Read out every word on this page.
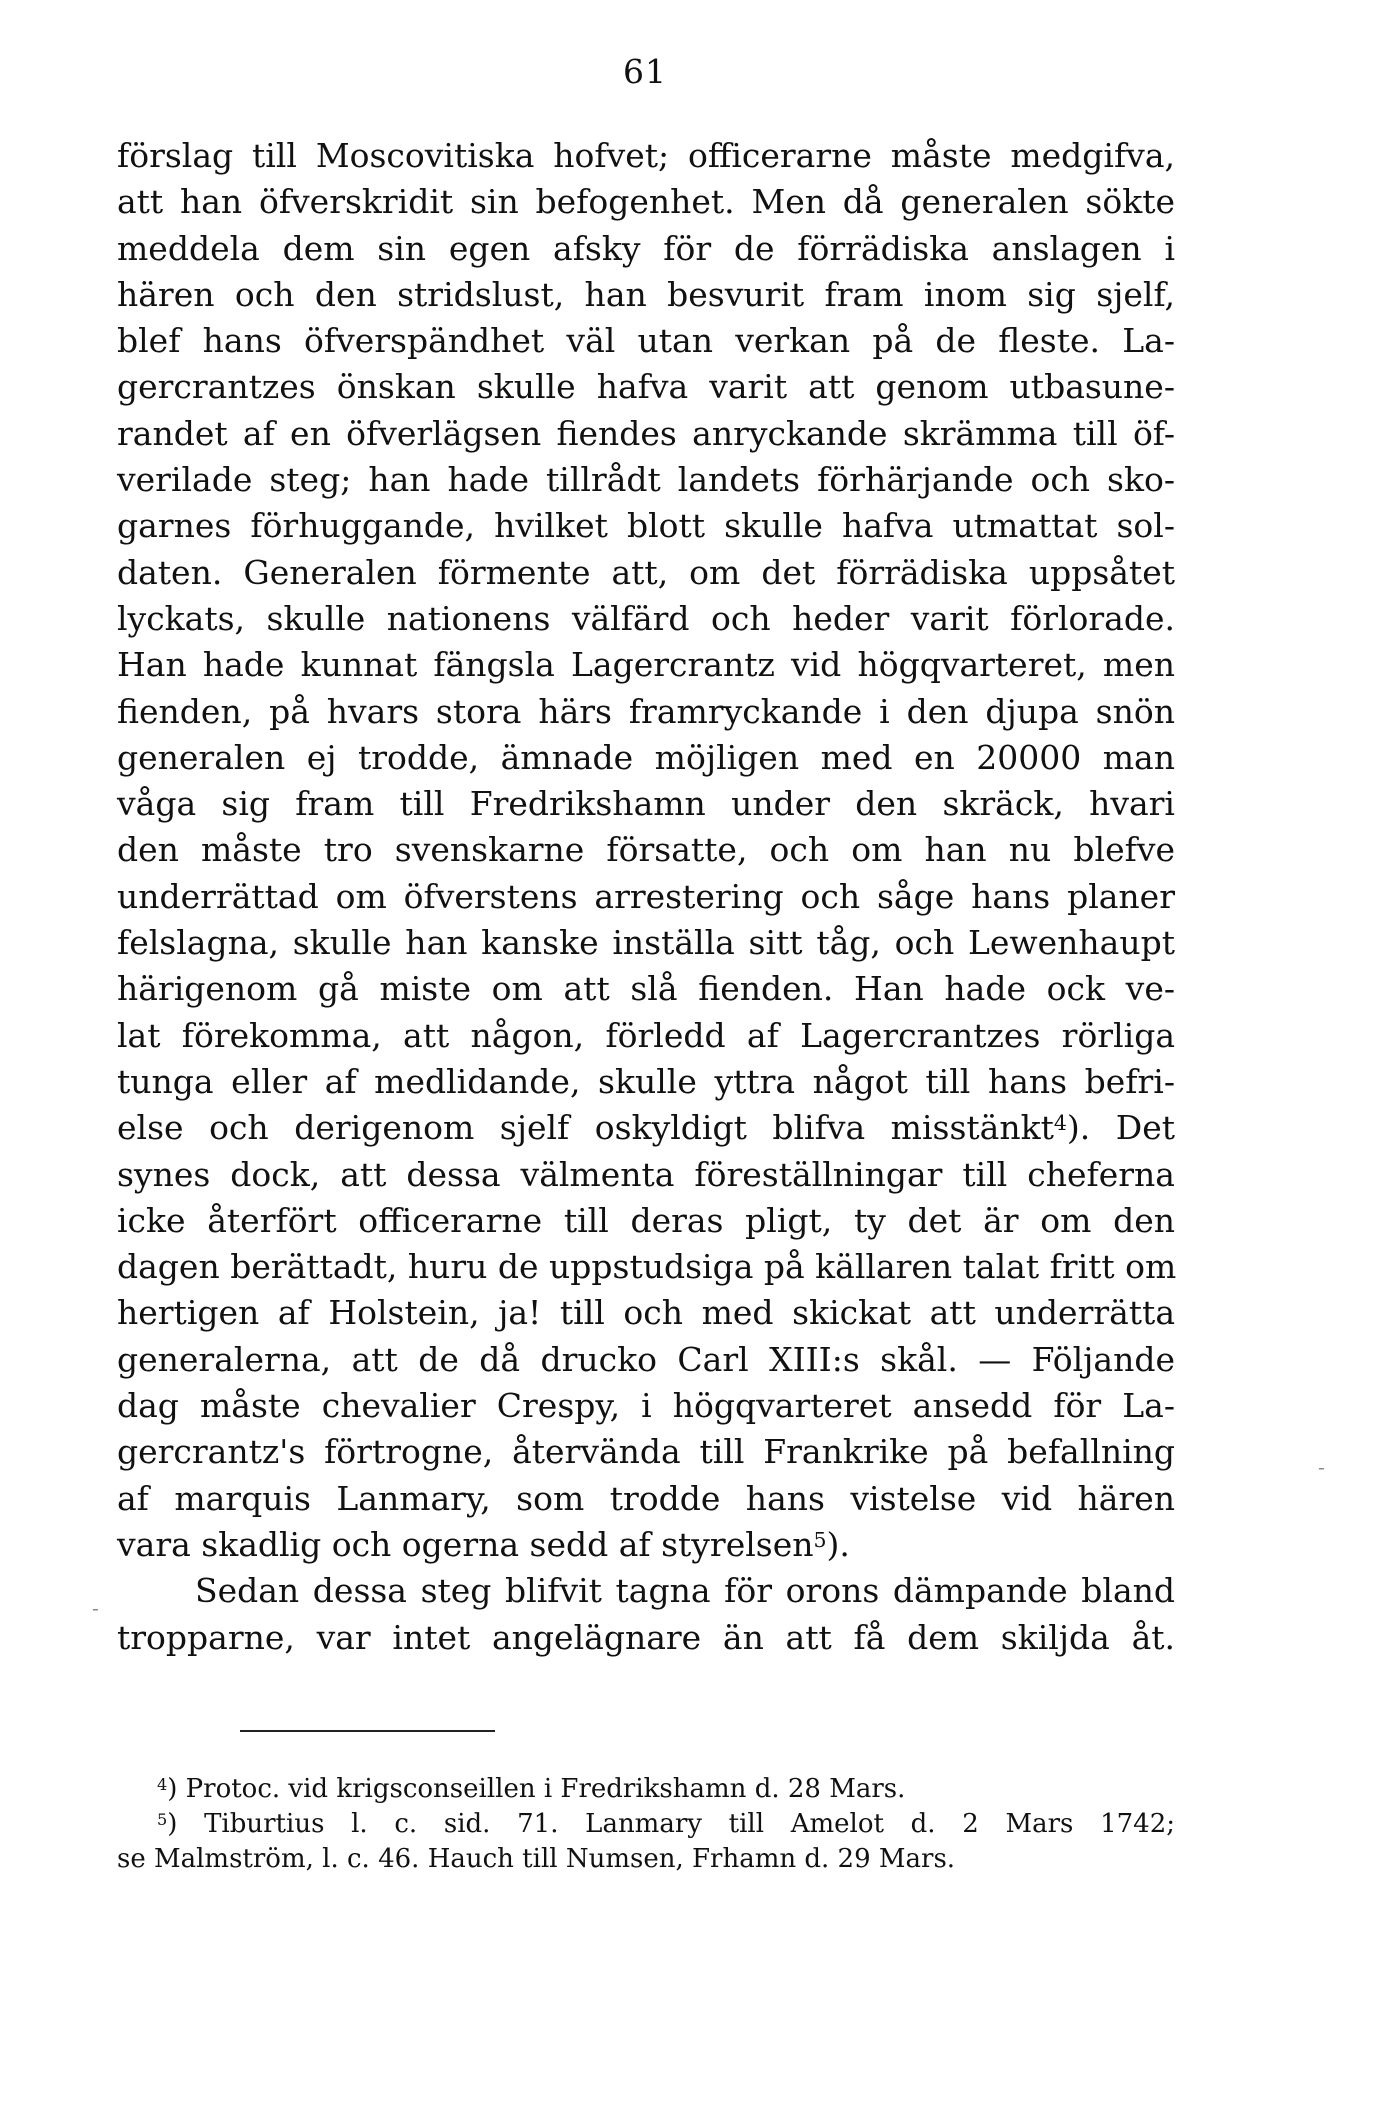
61
förslag till Moscovitiska hofvet; officerarne måste medgifva,
att han öfverskridit sin befogenhet. Men då generalen sökte
meddela dem sin egen afsky för de förrädiska anslagen i
hären och den stridslust, han besvurit fram inom sig sjelf,
blef hans öfverspändhet väl utan verkan på de fleste. La-
gercrantzes önskan skulle hafva varit att genom utbasune-
randet af en öfverlägsen fiendes anryckande skrämma till öf-
verilade steg; han hade tillrådt landets förhärjande och sko-
garnes förhuggande, hvilket blott skulle hafva utmattat sol-
daten. Generalen förmente att, om det förrädiska uppsåtet
lyckats, skulle nationens välfärd och heder varit förlorade.
Han hade kunnat fängsla Lagercrantz vid högqvarteret, men
fienden, på hvars stora härs framryckande i den djupa snön
generalen ej trodde, ämnade möjligen med en 20000 man
våga sig fram till Fredrikshamn under den skräck, hvari
den måste tro svenskarne försatte, och om han nu blefve
underrättad om öfverstens arrestering och såge hans planer
felslagna, skulle han kanske inställa sitt tåg, och Lewenhaupt
härigenom gå miste om att slå fienden. Han hade ock ve-
lat förekomma, att någon, förledd af Lagercrantzes rörliga
tunga eller af medlidande, skulle yttra något till hans befri-
else och derigenom sjelf oskyldigt blifva misstänkt$^4$). Det
synes dock, att dessa välmenta föreställningar till cheferna
icke återfört officerarne till deras pligt, ty det är om den
dagen berättadt, huru de uppstudsiga på källaren talat fritt om
hertigen af Holstein, ja! till och med skickat att underrätta
generalerna, att de då drucko Carl XIII:s skål. — Följande
dag måste chevalier Crespy, i högqvarteret ansedd för La-
gercrantz's förtrogne, återvända till Frankrike på befallning
af marquis Lanmary, som trodde hans vistelse vid hären
vara skadlig och ogerna sedd af styrelsen$^5$).
Sedan dessa steg blifvit tagna för orons dämpande bland
tropparne, var intet angelägnare än att få dem skiljda åt.
$^4$) Protoc. vid krigsconseillen i Fredrikshamn d. 28 Mars.
$^5$) Tiburtius l. c. sid. 71. Lanmary till Amelot d. 2 Mars 1742;
se Malmström, l. c. 46. Hauch till Numsen, Frhamn d. 29 Mars.
-
-
